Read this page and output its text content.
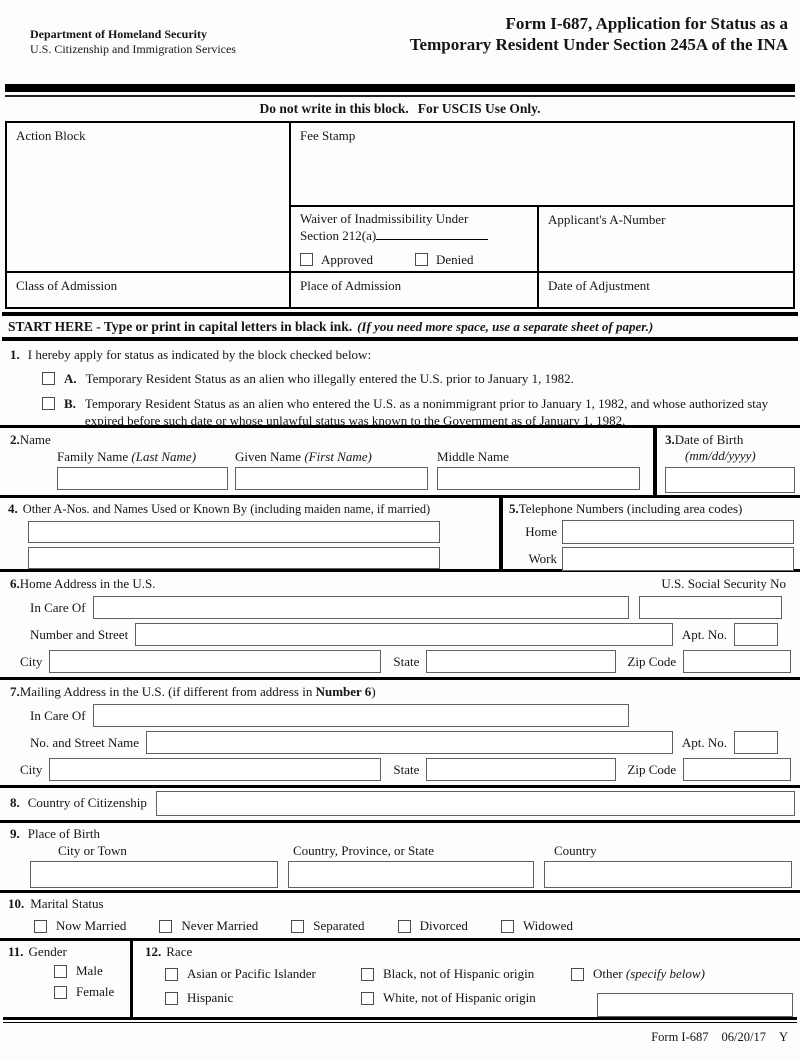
Department of Homeland Security
U.S. Citizenship and Immigration Services
Form I-687, Application for Status as a
Temporary Resident Under Section 245A of the INA
Do not write in this block. For USCIS Use Only.
Action Block	Fee Stamp
Waiver of Inadmissibility Under
Section 212(a)
Approved	Denied
Applicant's A-Number
Class of Admission	Place of Admission	Date of Adjustment
START HERE - Type or print in capital letters in black ink. (If you need more space, use a separate sheet of paper.)
1. I hereby apply for status as indicated by the block checked below:
A. Temporary Resident Status as an alien who illegally entered the U.S. prior to January 1, 1982.
B. Temporary Resident Status as an alien who entered the U.S. as a nonimmigrant prior to January 1, 1982, and whose authorized stay expired before such date or whose unlawful status was known to the Government as of January 1, 1982.
2.Name
Family Name (Last Name)	Given Name (First Name)	Middle Name
3.Date of Birth
(mm/dd/yyyy)
4. Other A-Nos. and Names Used or Known By (including maiden name, if married)	5.Telephone Numbers (including area codes)
Home
Work
6.Home Address in the U.S.	U.S. Social Security No
In Care Of
Number and Street	Apt. No.
City	State	Zip Code
7.Mailing Address in the U.S. (if different from address in Number 6)
In Care Of
No. and Street Name	Apt. No.
City	State	Zip Code
8. Country of Citizenship
9. Place of Birth
City or Town	Country, Province, or State	Country
10. Marital Status
Now Married	Never Married	Separated	Divorced	Widowed
11. Gender
Male
Female
12. Race
Asian or Pacific Islander
Hispanic
Black, not of Hispanic origin
White, not of Hispanic origin
Other (specify below)
Form I-687 06/20/17 Y
